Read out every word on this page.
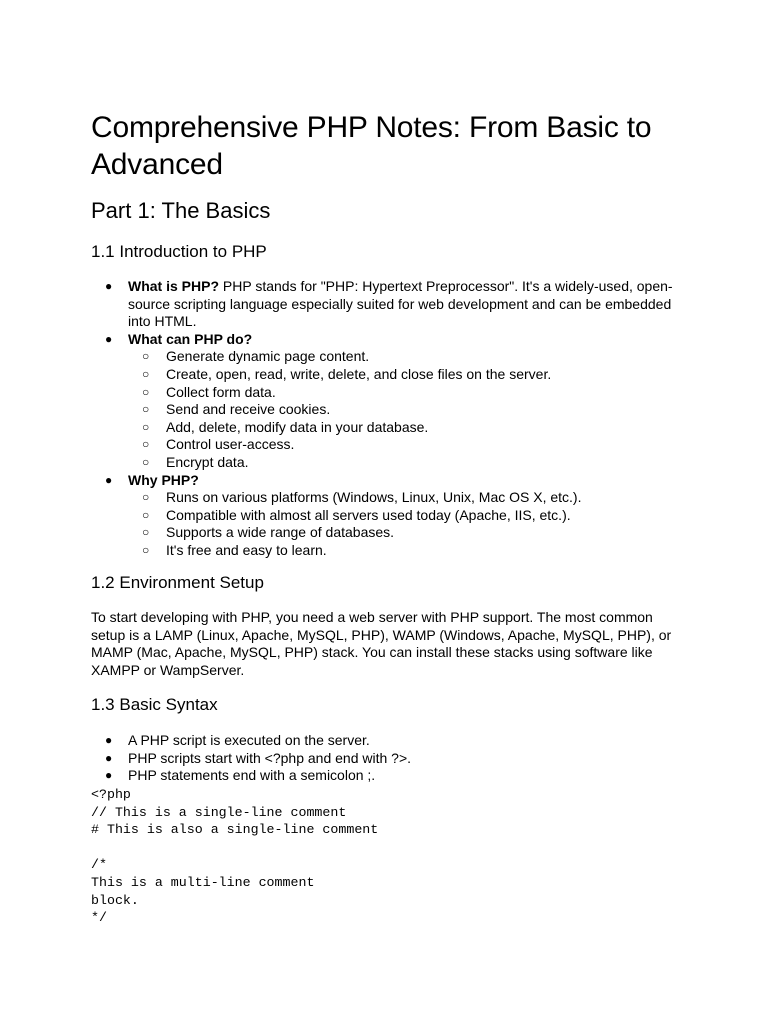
Comprehensive PHP Notes: From Basic to Advanced
Part 1: The Basics
1.1 Introduction to PHP
● What is PHP? PHP stands for "PHP: Hypertext Preprocessor". It's a widely-used, open-source scripting language especially suited for web development and can be embedded into HTML.
● What can PHP do?
○ Generate dynamic page content.
○ Create, open, read, write, delete, and close files on the server.
○ Collect form data.
○ Send and receive cookies.
○ Add, delete, modify data in your database.
○ Control user-access.
○ Encrypt data.
● Why PHP?
○ Runs on various platforms (Windows, Linux, Unix, Mac OS X, etc.).
○ Compatible with almost all servers used today (Apache, IIS, etc.).
○ Supports a wide range of databases.
○ It's free and easy to learn.
1.2 Environment Setup

To start developing with PHP, you need a web server with PHP support. The most common setup is a LAMP (Linux, Apache, MySQL, PHP), WAMP (Windows, Apache, MySQL, PHP), or MAMP (Mac, Apache, MySQL, PHP) stack. You can install these stacks using software like XAMPP or WampServer.

1.3 Basic Syntax
● A PHP script is executed on the server.
● PHP scripts start with <?php and end with ?>.
● PHP statements end with a semicolon ;.
<?php
// This is a single-line comment
# This is also a single-line comment

/*
This is a multi-line comment
block.
*/
